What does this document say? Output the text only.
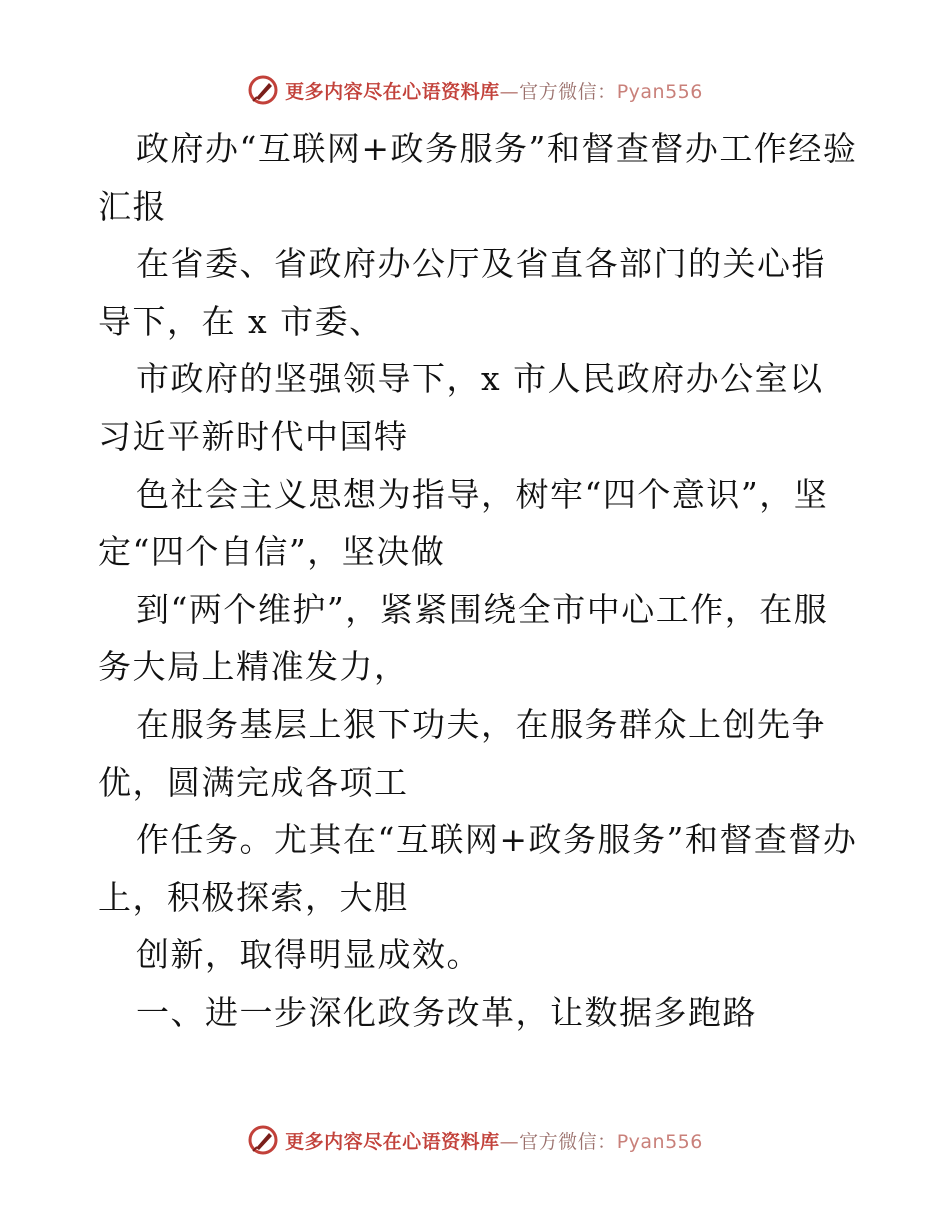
更多内容尽在心语资料库—官方微信：Pyan556

政府办“互联网+政务服务”和督查督办工作经验汇报

在省委、省政府办公厅及省直各部门的关心指导下，在 x 市委、

市政府的坚强领导下，x 市人民政府办公室以习近平新时代中国特

色社会主义思想为指导，树牢“四个意识”，坚定“四个自信”，坚决做

到“两个维护”，紧紧围绕全市中心工作，在服务大局上精准发力，

在服务基层上狠下功夫，在服务群众上创先争优，圆满完成各项工

作任务。尤其在“互联网+政务服务”和督查督办上，积极探索，大胆

创新，取得明显成效。

一、进一步深化政务改革，让数据多跑路

更多内容尽在心语资料库—官方微信：Pyan556
